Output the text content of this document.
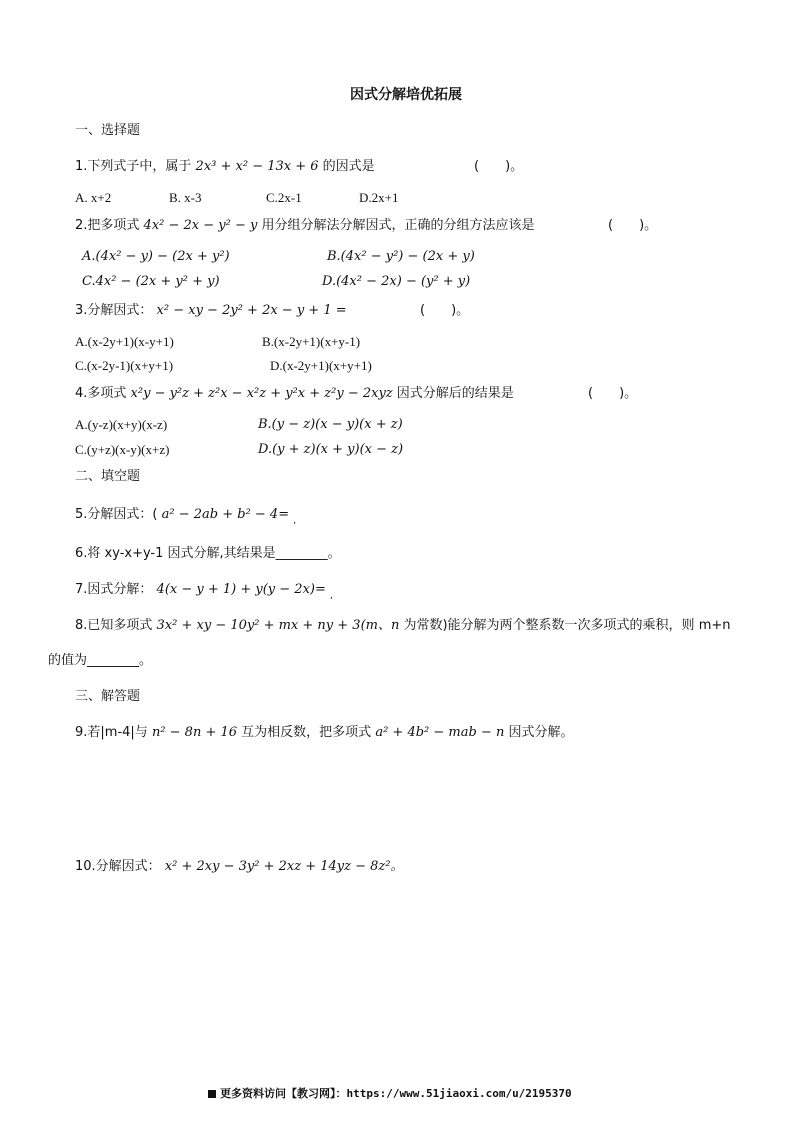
因式分解培优拓展
一、选择题
1.下列式子中，属于 2x³ + x² − 13x + 6 的因式是	(　　)。
A. x+2	B. x-3	C.2x-1	D.2x+1
2.把多项式 4x² − 2x − y² − y 用分组分解法分解因式，正确的分组方法应该是	(　　)。
A.(4x² − y) − (2x + y²)	B.(4x² − y²) − (2x + y)
C.4x² − (2x + y² + y)	D.(4x² − 2x) − (y² + y)
3.分解因式： x² − xy − 2y² + 2x − y + 1 =	(　　)。
A.(x-2y+1)(x-y+1)	B.(x-2y+1)(x+y-1)
C.(x-2y-1)(x+y+1)	D.(x-2y+1)(x+y+1)
4.多项式 x²y − y²z + z²x − x²z + y²x + z²y − 2xyz 因式分解后的结果是	(　　)。
A.(y-z)(x+y)(x-z)	B.(y − z)(x − y)(x + z)
C.(y+z)(x-y)(x+z)	D.(y + z)(x + y)(x − z)
二、填空题
5.分解因式：( a² − 2ab + b² − 4= $_,$
6.将 xy-x+y-1 因式分解,其结果是________。
7.因式分解： 4(x − y + 1) + y(y − 2x)= $_,$
8.已知多项式 3x² + xy − 10y² + mx + ny + 3(m、n 为常数)能分解为两个整系数一次多项式的乘积，则 m+n
的值为________。
三、解答题
9.若|m-4|与 n² − 8n + 16 互为相反数，把多项式 a² + 4b² − mab − n 因式分解。
10.分解因式： x² + 2xy − 3y² + 2xz + 14yz − 8z²。
更多资料访问【教习网】：https://www.51jiaoxi.com/u/2195370
